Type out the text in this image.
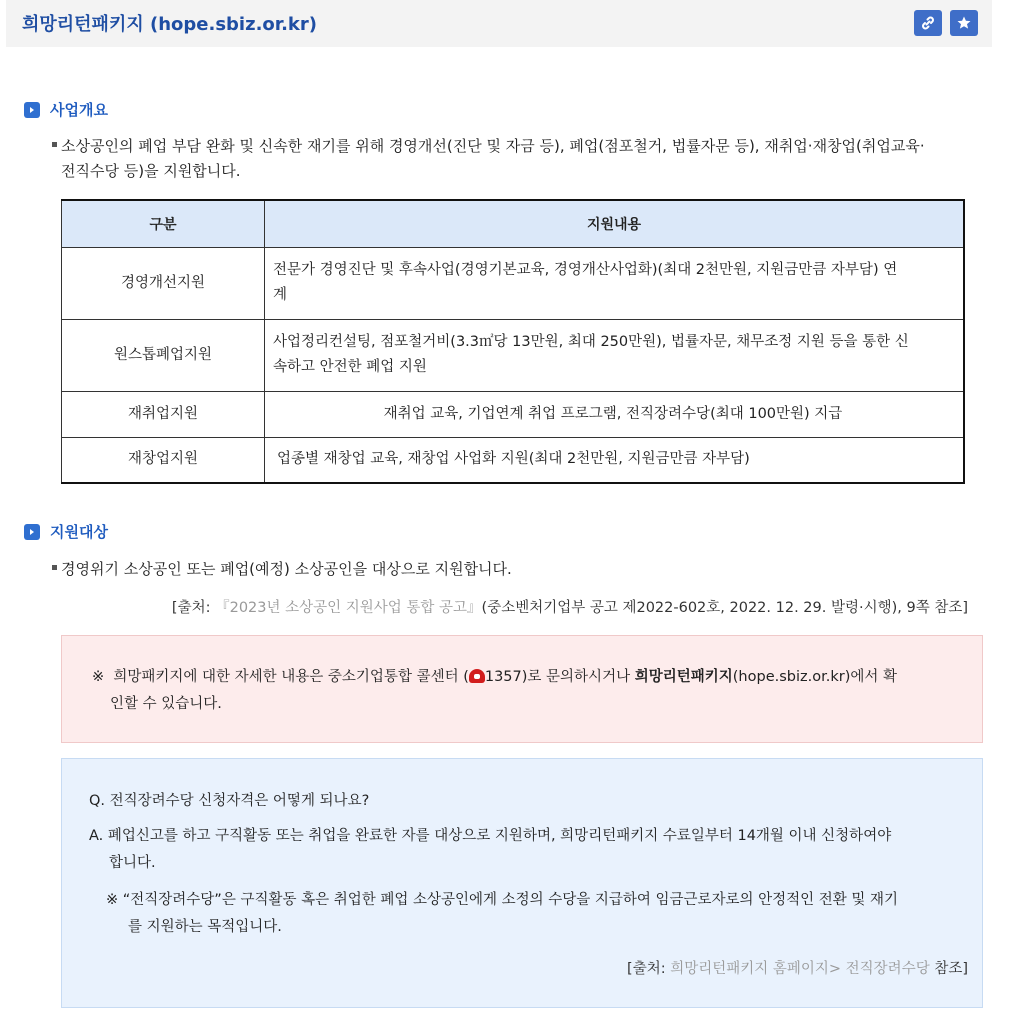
희망리턴패키지 (hope.sbiz.or.kr)
사업개요
소상공인의 폐업 부담 완화 및 신속한 재기를 위해 경영개선(진단 및 자금 등), 폐업(점포철거, 법률자문 등), 재취업·재창업(취업교육·
전직수당 등)을 지원합니다.
구분	지원내용
경영개선지원	전문가 경영진단 및 후속사업(경영기본교육, 경영개산사업화)(최대 2천만원, 지원금만큼 자부담) 연
계

원스톱폐업지원	사업정리컨설팅, 점포철거비(3.3㎡당 13만원, 최대 250만원), 법률자문, 채무조정 지원 등을 통한 신
속하고 안전한 폐업 지원

재취업지원	재취업 교육, 기업연계 취업 프로그램, 전직장려수당(최대 100만원) 지급
재창업지원	업종별 재창업 교육, 재창업 사업화 지원(최대 2천만원, 지원금만큼 자부담)
지원대상
경영위기 소상공인 또는 폐업(예정) 소상공인을 대상으로 지원합니다.
[출처: 『2023년 소상공인 지원사업 통합 공고』(중소벤처기업부 공고 제2022-602호, 2022. 12. 29. 발령·시행), 9쪽 참조]
※ 희망패키지에 대한 자세한 내용은 중소기업통합 콜센터 ( 1357)로 문의하시거나 희망리턴패키지(hope.sbiz.or.kr)에서 확
인할 수 있습니다.
Q. 전직장려수당 신청자격은 어떻게 되나요?
A. 폐업신고를 하고 구직활동 또는 취업을 완료한 자를 대상으로 지원하며, 희망리턴패키지 수료일부터 14개월 이내 신청하여야
합니다.
※ “전직장려수당”은 구직활동 혹은 취업한 폐업 소상공인에게 소정의 수당을 지급하여 임금근로자로의 안정적인 전환 및 재기
를 지원하는 목적입니다.
[출처: 희망리턴패키지 홈페이지> 전직장려수당 참조]
